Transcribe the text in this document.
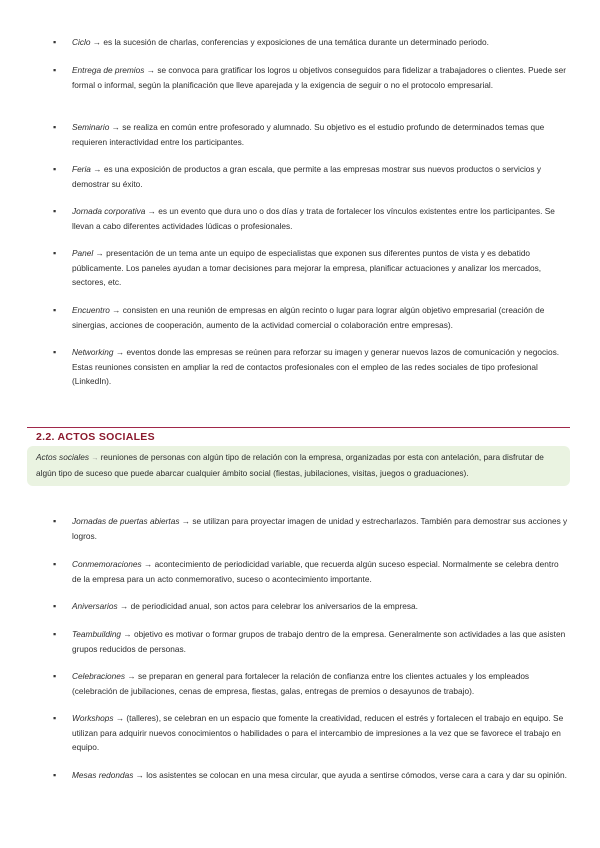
▪	Ciclo → es la sucesión de charlas, conferencias y exposiciones de una temática durante un determinado periodo.
▪	Entrega de premios → se convoca para gratificar los logros u objetivos conseguidos para fidelizar a trabajadores o clientes. Puede ser formal o informal, según la planificación que lleve aparejada y la exigencia de seguir o no el protocolo empresarial.
▪	Seminario → se realiza en común entre profesorado y alumnado. Su objetivo es el estudio profundo de determinados temas que requieren interactividad entre los participantes.
▪	Feria → es una exposición de productos a gran escala, que permite a las empresas mostrar sus nuevos productos o servicios y demostrar su éxito.
▪	Jornada corporativa → es un evento que dura uno o dos días y trata de fortalecer los vínculos existentes entre los participantes. Se llevan a cabo diferentes actividades lúdicas o profesionales.
▪	Panel → presentación de un tema ante un equipo de especialistas que exponen sus diferentes puntos de vista y es debatido públicamente. Los paneles ayudan a tomar decisiones para mejorar la empresa, planificar actuaciones y analizar los mercados, sectores, etc.
▪	Encuentro → consisten en una reunión de empresas en algún recinto o lugar para lograr algún objetivo empresarial (creación de sinergias, acciones de cooperación, aumento de la actividad comercial o colaboración entre empresas).
▪	Networking → eventos donde las empresas se reúnen para reforzar su imagen y generar nuevos lazos de comunicación y negocios. Estas reuniones consisten en ampliar la red de contactos profesionales con el empleo de las redes sociales de tipo profesional (LinkedIn).
2.2. ACTOS SOCIALES
Actos sociales → reuniones de personas con algún tipo de relación con la empresa, organizadas por esta con antelación, para disfrutar de algún tipo de suceso que puede abarcar cualquier ámbito social (fiestas, jubilaciones, visitas, juegos o graduaciones).
▪	Jornadas de puertas abiertas → se utilizan para proyectar imagen de unidad y estrecharlazos. También para demostrar sus acciones y logros.
▪	Conmemoraciones → acontecimiento de periodicidad variable, que recuerda algún suceso especial. Normalmente se celebra dentro de la empresa para un acto conmemorativo, suceso o acontecimiento importante.
▪	Aniversarios → de periodicidad anual, son actos para celebrar los aniversarios de la empresa.
▪	Teambuilding → objetivo es motivar o formar grupos de trabajo dentro de la empresa. Generalmente son actividades a las que asisten grupos reducidos de personas.
▪	Celebraciones → se preparan en general para fortalecer la relación de confianza entre los clientes actuales y los empleados (celebración de jubilaciones, cenas de empresa, fiestas, galas, entregas de premios o desayunos de trabajo).
▪	Workshops → (talleres), se celebran en un espacio que fomente la creatividad, reducen el estrés y fortalecen el trabajo en equipo. Se utilizan para adquirir nuevos conocimientos o habilidades o para el intercambio de impresiones a la vez que se favorece el trabajo en equipo.
▪	Mesas redondas → los asistentes se colocan en una mesa circular, que ayuda a sentirse cómodos, verse cara a cara y dar su opinión.
